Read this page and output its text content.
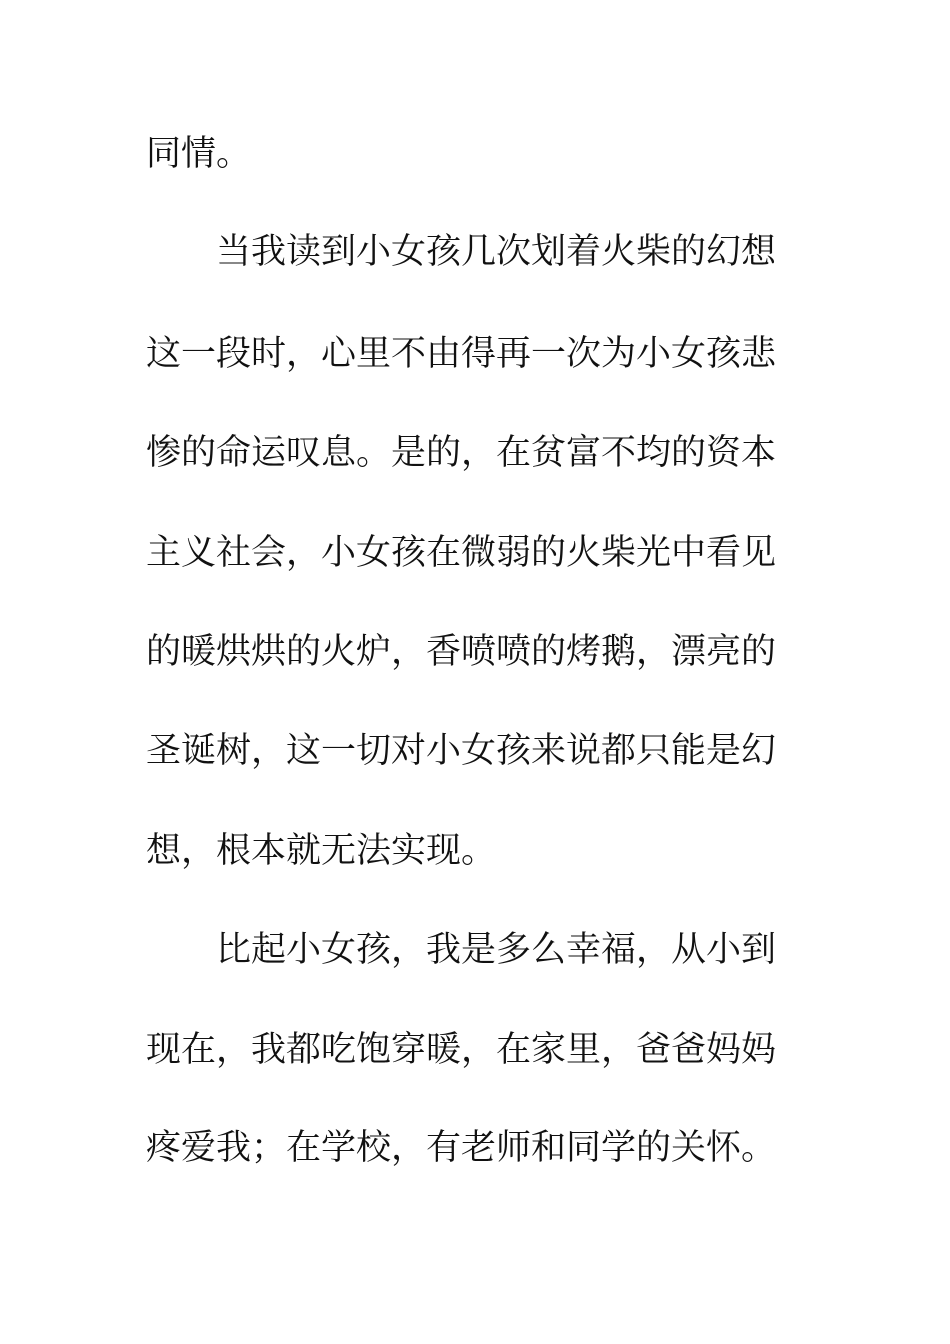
同情。
当我读到小女孩几次划着火柴的幻想
这一段时，心里不由得再一次为小女孩悲
惨的命运叹息。是的，在贫富不均的资本
主义社会，小女孩在微弱的火柴光中看见
的暖烘烘的火炉，香喷喷的烤鹅，漂亮的
圣诞树，这一切对小女孩来说都只能是幻
想，根本就无法实现。
比起小女孩，我是多么幸福，从小到
现在，我都吃饱穿暖，在家里，爸爸妈妈
疼爱我；在学校，有老师和同学的关怀。
